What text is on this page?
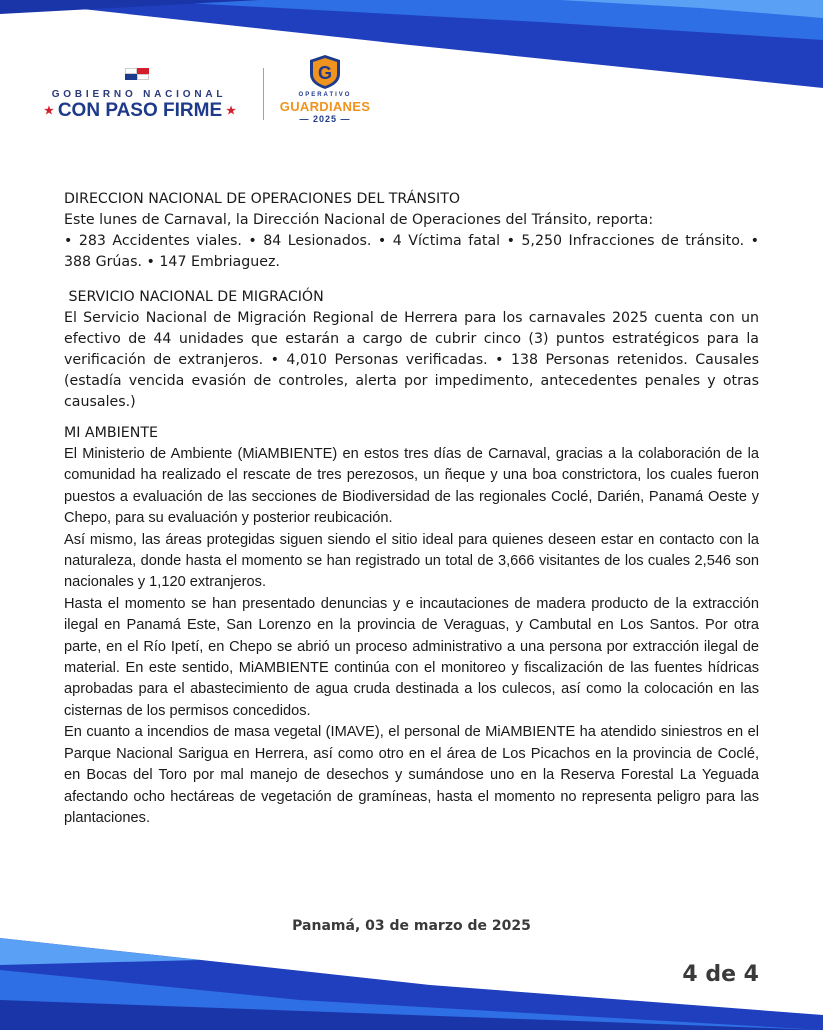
GOBIERNO NACIONAL
★ CON PASO FIRME ★
G
OPERATIVO
GUARDIANES
— 2025 —

DIRECCION NACIONAL DE OPERACIONES DEL TRÁNSITO

Este lunes de Carnaval, la Dirección Nacional de Operaciones del Tránsito, reporta:

• 283 Accidentes viales. • 84 Lesionados. • 4 Víctima fatal • 5,250 Infracciones de tránsito. • 388 Grúas. • 147 Embriaguez.

SERVICIO NACIONAL DE MIGRACIÓN

El Servicio Nacional de Migración Regional de Herrera para los carnavales 2025 cuenta con un efectivo de 44 unidades que estarán a cargo de cubrir cinco (3) puntos estratégicos para la verificación de extranjeros. • 4,010 Personas verificadas. • 138 Personas retenidos. Causales (estadía vencida evasión de controles, alerta por impedimento, antecedentes penales y otras causales.)

MI AMBIENTE

El Ministerio de Ambiente (MiAMBIENTE) en estos tres días de Carnaval, gracias a la colaboración de la comunidad ha realizado el rescate de tres perezosos, un ñeque y una boa constrictora, los cuales fueron puestos a evaluación de las secciones de Biodiversidad de las regionales Coclé, Darién, Panamá Oeste y Chepo, para su evaluación y posterior reubicación.

Así mismo, las áreas protegidas siguen siendo el sitio ideal para quienes deseen estar en contacto con la naturaleza, donde hasta el momento se han registrado un total de 3,666 visitantes de los cuales 2,546 son nacionales y 1,120 extranjeros.

Hasta el momento se han presentado denuncias y e incautaciones de madera producto de la extracción ilegal en Panamá Este, San Lorenzo en la provincia de Veraguas, y Cambutal en Los Santos. Por otra parte, en el Río Ipetí, en Chepo se abrió un proceso administrativo a una persona por extracción ilegal de material. En este sentido, MiAMBIENTE continúa con el monitoreo y fiscalización de las fuentes hídricas aprobadas para el abastecimiento de agua cruda destinada a los culecos, así como la colocación en las cisternas de los permisos concedidos.

En cuanto a incendios de masa vegetal (IMAVE), el personal de MiAMBIENTE ha atendido siniestros en el Parque Nacional Sarigua en Herrera, así como otro en el área de Los Picachos en la provincia de Coclé, en Bocas del Toro por mal manejo de desechos y sumándose uno en la Reserva Forestal La Yeguada afectando ocho hectáreas de vegetación de gramíneas, hasta el momento no representa peligro para las plantaciones.

Panamá, 03 de marzo de 2025
4 de 4
